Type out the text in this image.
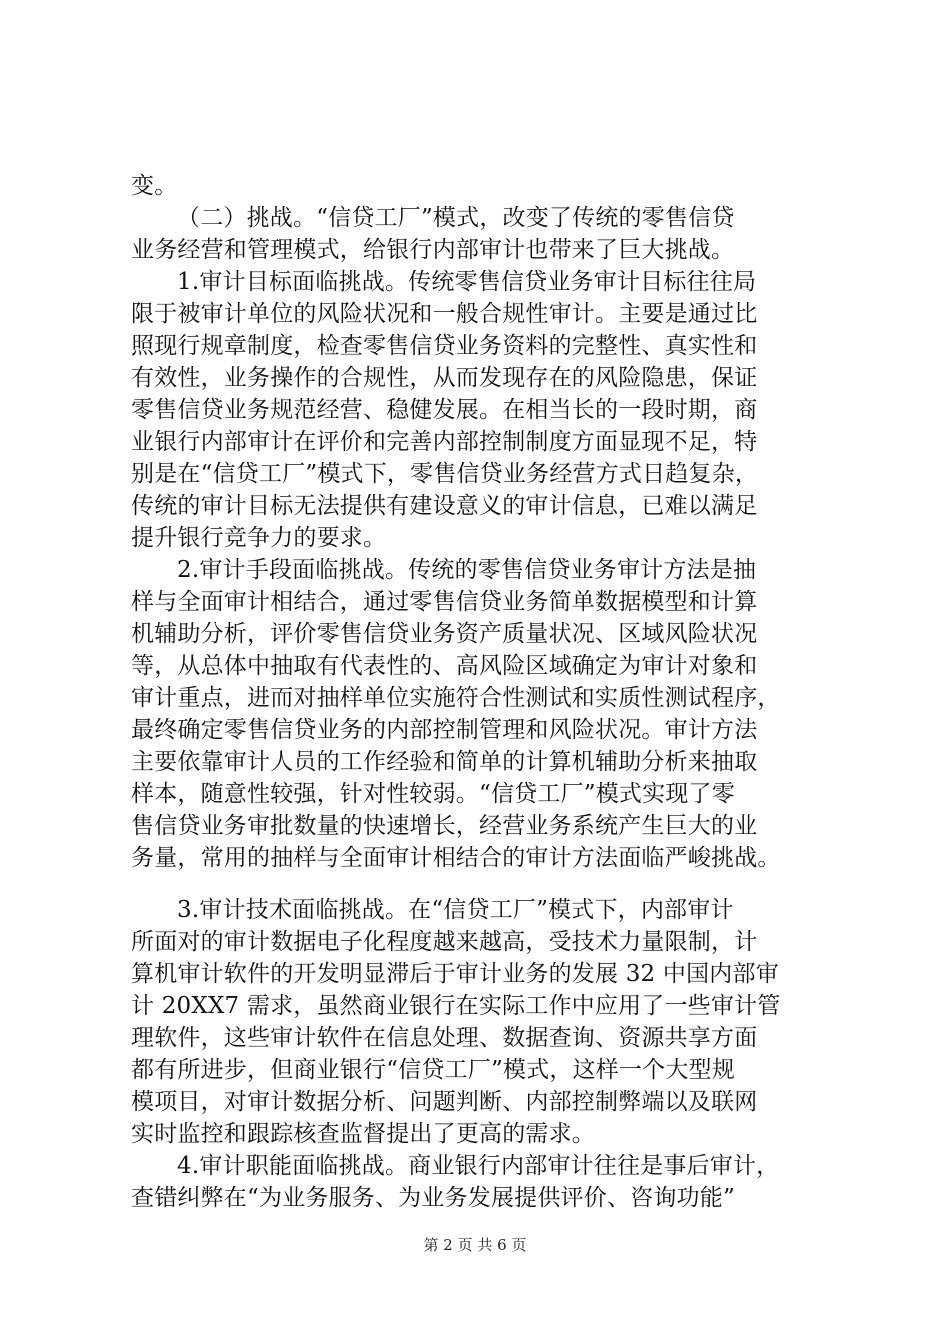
变。
（二）挑战。“信贷工厂”模式，改变了传统的零售信贷
业务经营和管理模式，给银行内部审计也带来了巨大挑战。
1.审计目标面临挑战。传统零售信贷业务审计目标往往局
限于被审计单位的风险状况和一般合规性审计。主要是通过比
照现行规章制度，检查零售信贷业务资料的完整性、真实性和
有效性，业务操作的合规性，从而发现存在的风险隐患，保证
零售信贷业务规范经营、稳健发展。在相当长的一段时期，商
业银行内部审计在评价和完善内部控制制度方面显现不足，特
别是在“信贷工厂”模式下，零售信贷业务经营方式日趋复杂，
传统的审计目标无法提供有建设意义的审计信息，已难以满足
提升银行竞争力的要求。
2.审计手段面临挑战。传统的零售信贷业务审计方法是抽
样与全面审计相结合，通过零售信贷业务简单数据模型和计算
机辅助分析，评价零售信贷业务资产质量状况、区域风险状况
等，从总体中抽取有代表性的、高风险区域确定为审计对象和
审计重点，进而对抽样单位实施符合性测试和实质性测试程序，
最终确定零售信贷业务的内部控制管理和风险状况。审计方法
主要依靠审计人员的工作经验和简单的计算机辅助分析来抽取
样本，随意性较强，针对性较弱。“信贷工厂”模式实现了零
售信贷业务审批数量的快速增长，经营业务系统产生巨大的业
务量，常用的抽样与全面审计相结合的审计方法面临严峻挑战。
3.审计技术面临挑战。在“信贷工厂”模式下，内部审计
所面对的审计数据电子化程度越来越高，受技术力量限制，计
算机审计软件的开发明显滞后于审计业务的发展 32 中国内部审
计 20XX7 需求，虽然商业银行在实际工作中应用了一些审计管
理软件，这些审计软件在信息处理、数据查询、资源共享方面
都有所进步，但商业银行“信贷工厂”模式，这样一个大型规
模项目，对审计数据分析、问题判断、内部控制弊端以及联网
实时监控和跟踪核查监督提出了更高的需求。
4.审计职能面临挑战。商业银行内部审计往往是事后审计，
查错纠弊在“为业务服务、为业务发展提供评价、咨询功能”
第 2 页 共 6 页
